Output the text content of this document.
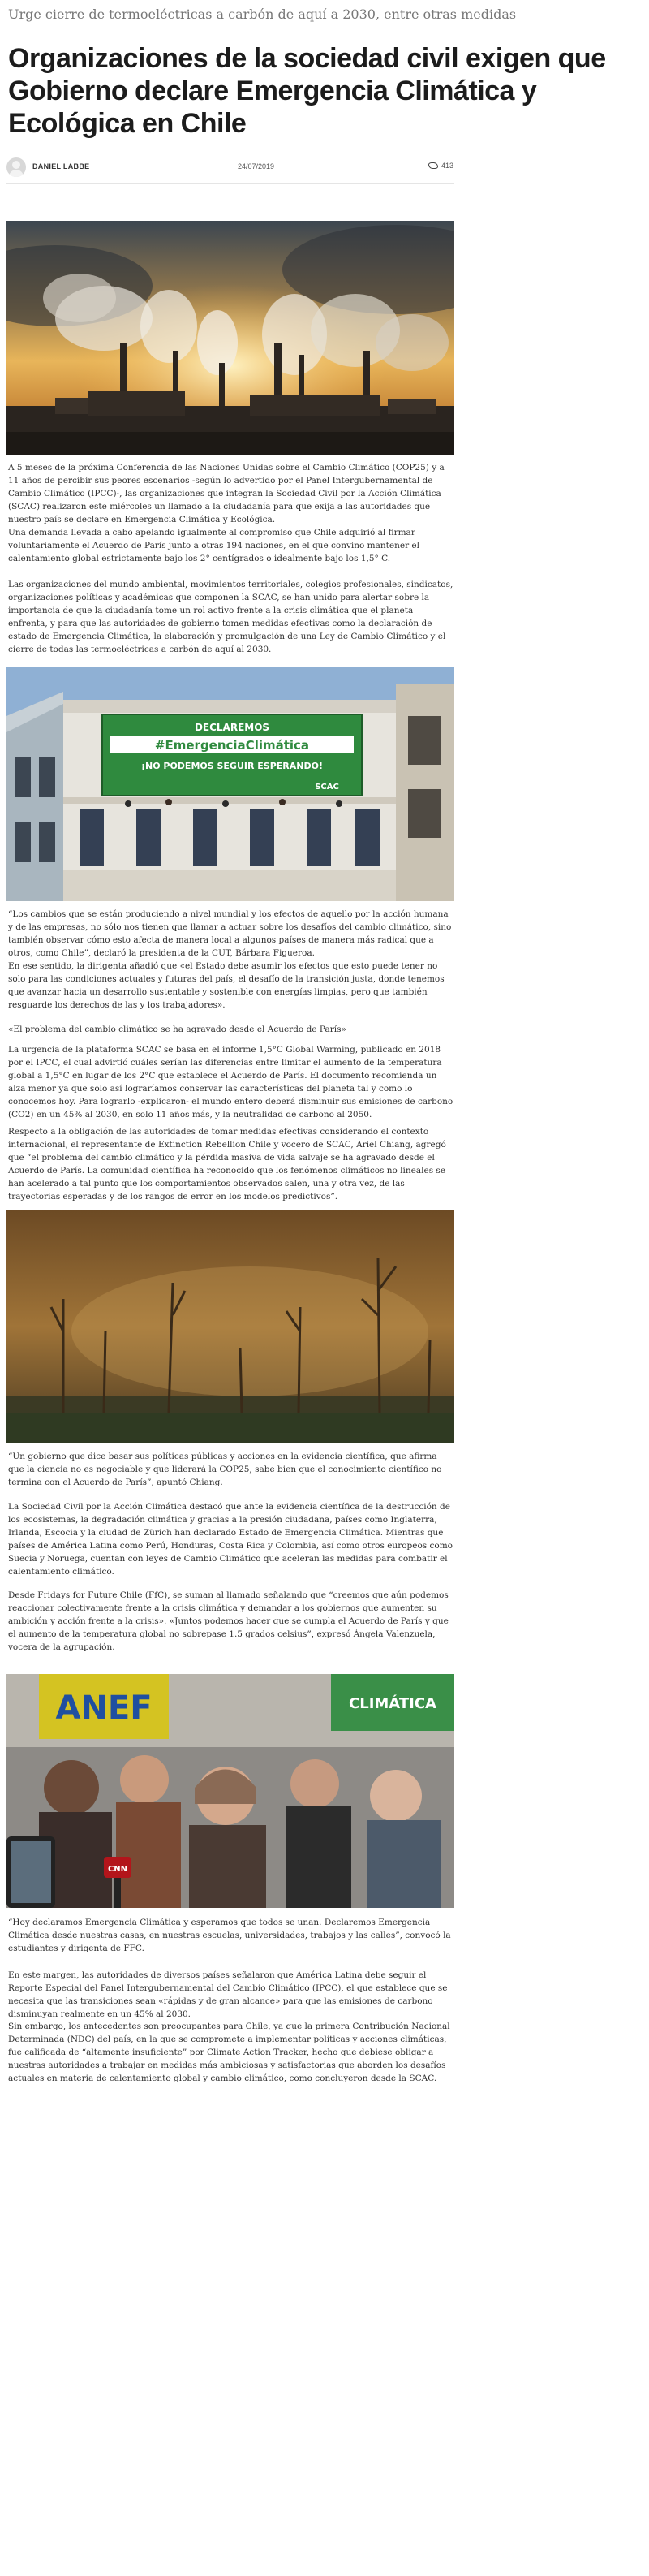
Urge cierre de termoeléctricas a carbón de aquí a 2030, entre otras medidas
Organizaciones de la sociedad civil exigen que Gobierno declare Emergencia Climática y Ecológica en Chile
DANIEL LABBE	24/07/2019	413

A 5 meses de la próxima Conferencia de las Naciones Unidas sobre el Cambio Climático (COP25) y a 11 años de percibir sus peores escenarios -según lo advertido por el Panel Intergubernamental de Cambio Climático (IPCC)-, las organizaciones que integran la Sociedad Civil por la Acción Climática (SCAC) realizaron este miércoles un llamado a la ciudadanía para que exija a las autoridades que nuestro país se declare en Emergencia Climática y Ecológica.

Una demanda llevada a cabo apelando igualmente al compromiso que Chile adquirió al firmar voluntariamente el Acuerdo de París junto a otras 194 naciones, en el que convino mantener el calentamiento global estrictamente bajo los 2° centígrados o idealmente bajo los 1,5° C.

Las organizaciones del mundo ambiental, movimientos territoriales, colegios profesionales, sindicatos, organizaciones políticas y académicas que componen la SCAC, se han unido para alertar sobre la importancia de que la ciudadanía tome un rol activo frente a la crisis climática que el planeta enfrenta, y para que las autoridades de gobierno tomen medidas efectivas como la declaración de estado de Emergencia Climática, la elaboración y promulgación de una Ley de Cambio Climático y el cierre de todas las termoeléctricas a carbón de aquí al 2030.

DECLAREMOS
#EmergenciaClimática
¡NO PODEMOS SEGUIR ESPERANDO!
SCAC

“Los cambios que se están produciendo a nivel mundial y los efectos de aquello por la acción humana y de las empresas, no sólo nos tienen que llamar a actuar sobre los desafíos del cambio climático, sino también observar cómo esto afecta de manera local a algunos países de manera más radical que a otros, como Chile”, declaró la presidenta de la CUT, Bárbara Figueroa.

En ese sentido, la dirigenta añadió que «el Estado debe asumir los efectos que esto puede tener no solo para las condiciones actuales y futuras del país, el desafío de la transición justa, donde tenemos que avanzar hacia un desarrollo sustentable y sostenible con energías limpias, pero que también resguarde los derechos de las y los trabajadores».

«El problema del cambio climático se ha agravado desde el Acuerdo de París»

La urgencia de la plataforma SCAC se basa en el informe 1,5°C Global Warming, publicado en 2018 por el IPCC, el cual advirtió cuáles serían las diferencias entre limitar el aumento de la temperatura global a 1,5°C en lugar de los 2°C que establece el Acuerdo de París. El documento recomienda un alza menor ya que solo así lograríamos conservar las características del planeta tal y como lo conocemos hoy. Para lograrlo -explicaron- el mundo entero deberá disminuir sus emisiones de carbono (CO2) en un 45% al 2030, en solo 11 años más, y la neutralidad de carbono al 2050.

Respecto a la obligación de las autoridades de tomar medidas efectivas considerando el contexto internacional, el representante de Extinction Rebellion Chile y vocero de SCAC, Ariel Chiang, agregó que “el problema del cambio climático y la pérdida masiva de vida salvaje se ha agravado desde el Acuerdo de París. La comunidad científica ha reconocido que los fenómenos climáticos no lineales se han acelerado a tal punto que los comportamientos observados salen, una y otra vez, de las trayectorias esperadas y de los rangos de error en los modelos predictivos”.

“Un gobierno que dice basar sus políticas públicas y acciones en la evidencia científica, que afirma que la ciencia no es negociable y que liderará la COP25, sabe bien que el conocimiento científico no termina con el Acuerdo de París”, apuntó Chiang.

La Sociedad Civil por la Acción Climática destacó que ante la evidencia científica de la destrucción de los ecosistemas, la degradación climática y gracias a la presión ciudadana, países como Inglaterra, Irlanda, Escocia y la ciudad de Zürich han declarado Estado de Emergencia Climática. Mientras que países de América Latina como Perú, Honduras, Costa Rica y Colombia, así como otros europeos como Suecia y Noruega, cuentan con leyes de Cambio Climático que aceleran las medidas para combatir el calentamiento climático.

Desde Fridays for Future Chile (FfC), se suman al llamado señalando que “creemos que aún podemos reaccionar colectivamente frente a la crisis climática y demandar a los gobiernos que aumenten su ambición y acción frente a la crisis». «Juntos podemos hacer que se cumpla el Acuerdo de París y que el aumento de la temperatura global no sobrepase 1.5 grados celsius”, expresó Ángela Valenzuela, vocera de la agrupación.

ANEF	CLIMÁTICA
CNN

“Hoy declaramos Emergencia Climática y esperamos que todos se unan. Declaremos Emergencia Climática desde nuestras casas, en nuestras escuelas, universidades, trabajos y las calles”, convocó la estudiantes y dirigenta de FFC.

En este margen, las autoridades de diversos países señalaron que América Latina debe seguir el Reporte Especial del Panel Intergubernamental del Cambio Climático (IPCC), el que establece que se necesita que las transiciones sean «rápidas y de gran alcance» para que las emisiones de carbono disminuyan realmente en un 45% al 2030.

Sin embargo, los antecedentes son preocupantes para Chile, ya que la primera Contribución Nacional Determinada (NDC) del país, en la que se compromete a implementar políticas y acciones climáticas, fue calificada de “altamente insuficiente” por Climate Action Tracker, hecho que debiese obligar a nuestras autoridades a trabajar en medidas más ambiciosas y satisfactorias que aborden los desafíos actuales en materia de calentamiento global y cambio climático, como concluyeron desde la SCAC.
